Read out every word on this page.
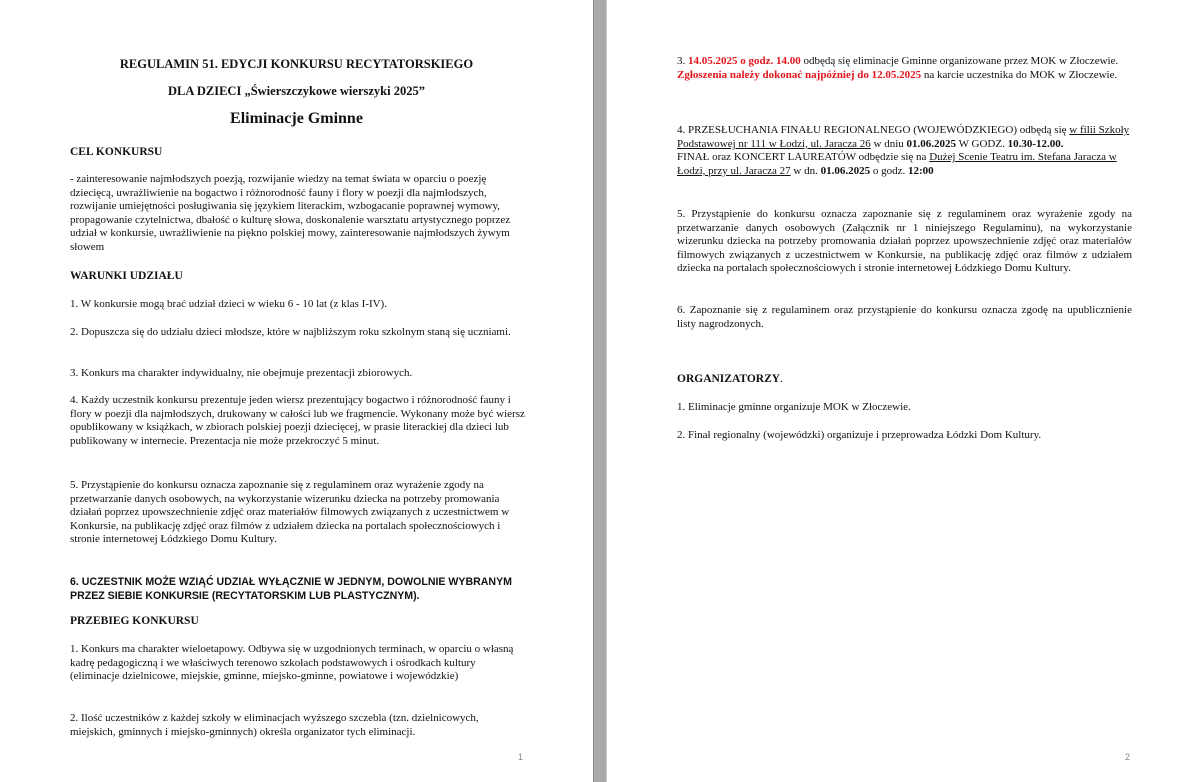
REGULAMIN 51. EDYCJI KONKURSU RECYTATORSKIEGO
DLA DZIECI „Świerszczykowe wierszyki 2025”
Eliminacje Gminne
CEL KONKURSU
- zainteresowanie najmłodszych poezją, rozwijanie wiedzy na temat świata w oparciu o poezję dziecięcą, uwrażliwienie na bogactwo i różnorodność fauny i flory w poezji dla najmłodszych, rozwijanie umiejętności posługiwania się językiem literackim, wzbogacanie poprawnej wymowy, propagowanie czytelnictwa, dbałość o kulturę słowa, doskonalenie warsztatu artystycznego poprzez udział w konkursie, uwrażliwienie na piękno polskiej mowy, zainteresowanie najmłodszych żywym słowem
WARUNKI UDZIAŁU
1. W konkursie mogą brać udział dzieci w wieku 6 - 10 lat (z klas I-IV).
2. Dopuszcza się do udziału dzieci młodsze, które w najbliższym roku szkolnym staną się uczniami.
3. Konkurs ma charakter indywidualny, nie obejmuje prezentacji zbiorowych.
4. Każdy uczestnik konkursu prezentuje jeden wiersz prezentujący bogactwo i różnorodność fauny i flory w poezji dla najmłodszych, drukowany w całości lub we fragmencie. Wykonany może być wiersz opublikowany w książkach, w zbiorach polskiej poezji dziecięcej, w prasie literackiej dla dzieci lub publikowany w internecie. Prezentacja nie może przekroczyć 5 minut.
5. Przystąpienie do konkursu oznacza zapoznanie się z regulaminem oraz wyrażenie zgody na przetwarzanie danych osobowych, na wykorzystanie wizerunku dziecka na potrzeby promowania działań poprzez upowszechnienie zdjęć oraz materiałów filmowych związanych z uczestnictwem w Konkursie, na publikację zdjęć oraz filmów z udziałem dziecka na portalach społecznościowych i stronie internetowej Łódzkiego Domu Kultury.
6. UCZESTNIK MOŻE WZIĄĆ UDZIAŁ WYŁĄCZNIE W JEDNYM, DOWOLNIE WYBRANYM PRZEZ SIEBIE KONKURSIE (RECYTATORSKIM LUB PLASTYCZNYM).
PRZEBIEG KONKURSU
1. Konkurs ma charakter wieloetapowy. Odbywa się w uzgodnionych terminach, w oparciu o własną kadrę pedagogiczną i we właściwych terenowo szkołach podstawowych i ośrodkach kultury (eliminacje dzielnicowe, miejskie, gminne, miejsko-gminne, powiatowe i wojewódzkie)
2. Ilość uczestników z każdej szkoły w eliminacjach wyższego szczebla (tzn. dzielnicowych, miejskich, gminnych i miejsko-gminnych) określa organizator tych eliminacji.
1
3. 14.05.2025 o godz. 14.00 odbędą się eliminacje Gminne organizowane przez MOK w Złoczewie. Zgłoszenia należy dokonać najpóźniej do 12.05.2025 na karcie uczestnika do MOK w Złoczewie.
4. PRZESŁUCHANIA FINAŁU REGIONALNEGO (WOJEWÓDZKIEGO) odbędą się w filii Szkoły Podstawowej nr 111 w Łodzi, ul. Jaracza 26 w dniu 01.06.2025 W GODZ. 10.30-12.00.
FINAŁ oraz KONCERT LAUREATÓW odbędzie się na Dużej Scenie Teatru im. Stefana Jaracza w Łodzi, przy ul. Jaracza 27 w dn. 01.06.2025 o godz. 12:00
5. Przystąpienie do konkursu oznacza zapoznanie się z regulaminem oraz wyrażenie zgody na przetwarzanie danych osobowych (Załącznik nr 1 niniejszego Regulaminu), na wykorzystanie wizerunku dziecka na potrzeby promowania działań poprzez upowszechnienie zdjęć oraz materiałów filmowych związanych z uczestnictwem w Konkursie, na publikację zdjęć oraz filmów z udziałem dziecka na portalach społecznościowych i stronie internetowej Łódzkiego Domu Kultury.
6. Zapoznanie się z regulaminem oraz przystąpienie do konkursu oznacza zgodę na upublicznienie listy nagrodzonych.
ORGANIZATORZY.
1. Eliminacje gminne organizuje MOK w Złoczewie.
2. Finał regionalny (wojewódzki) organizuje i przeprowadza Łódzki Dom Kultury.
2
